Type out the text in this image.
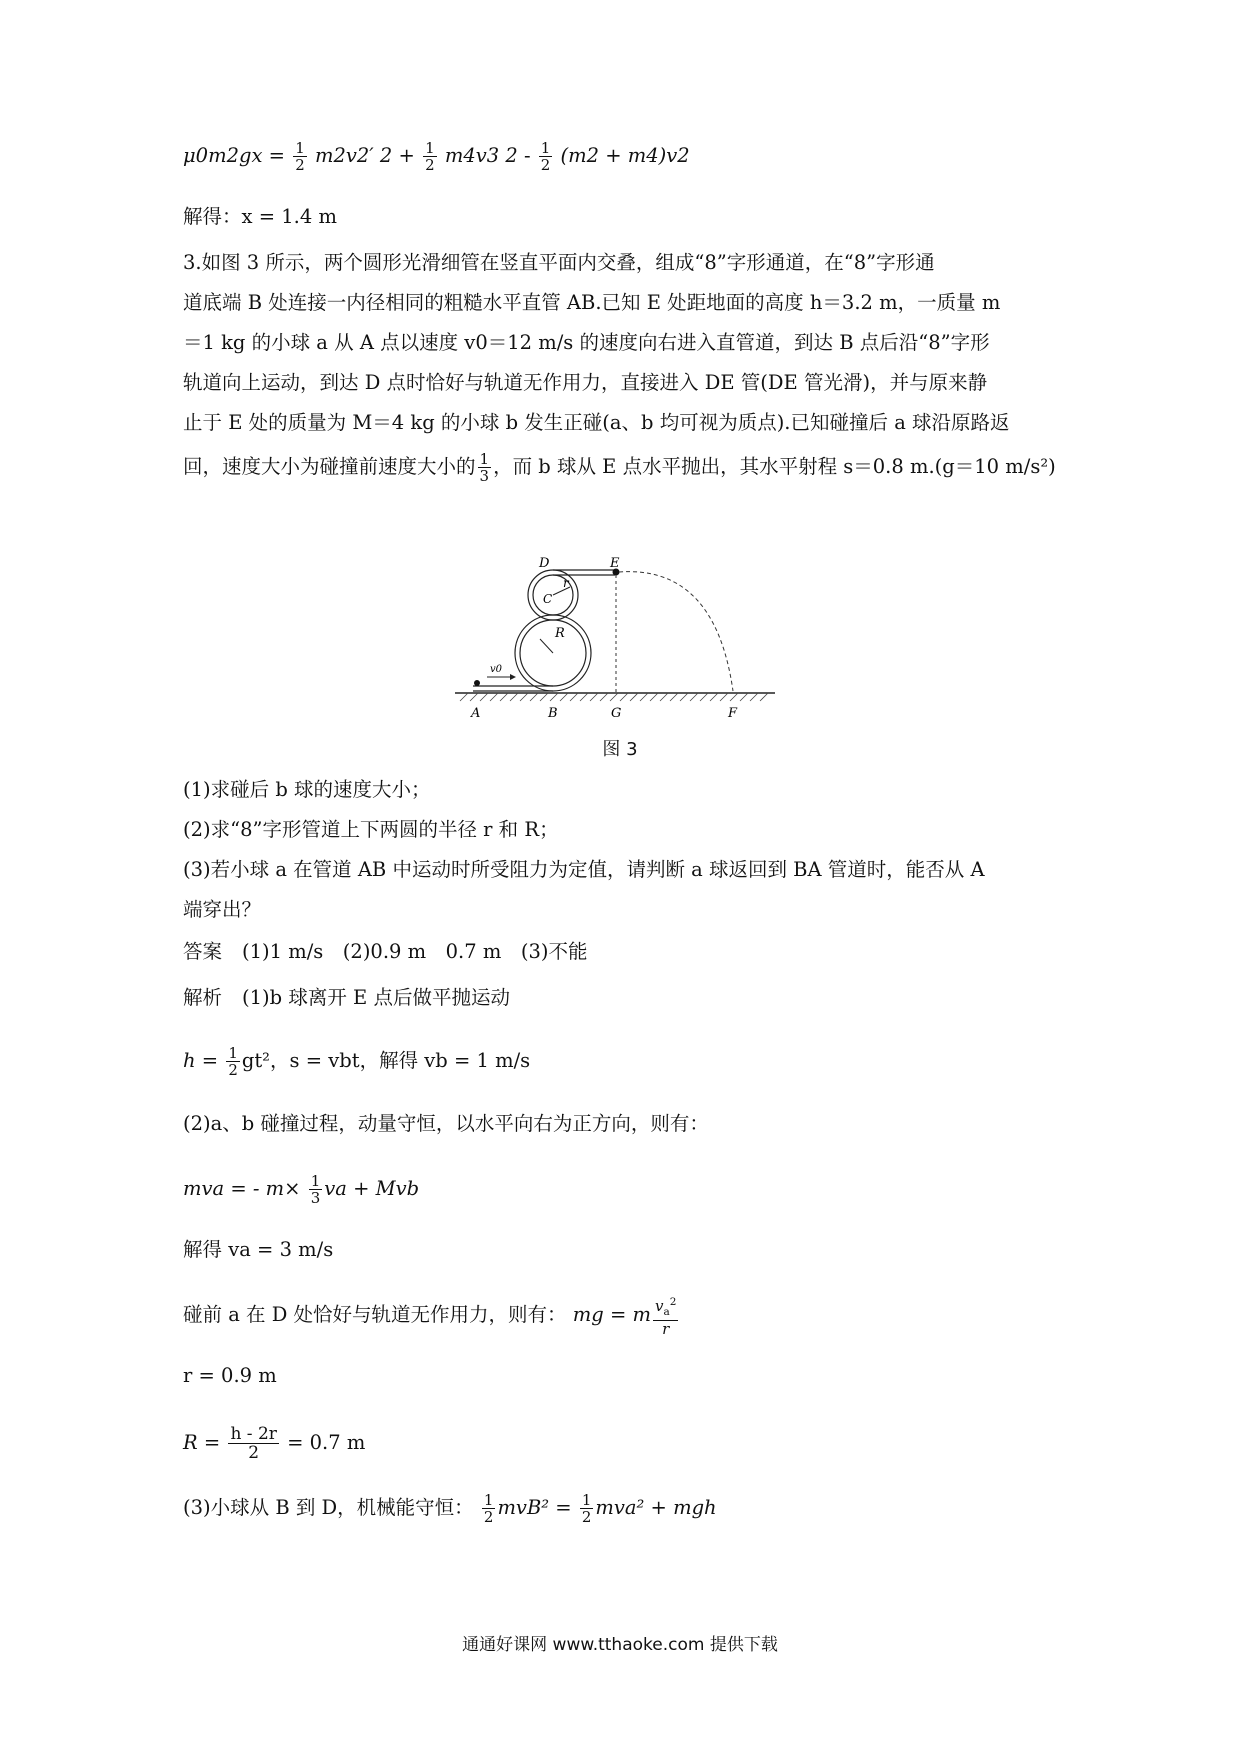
$\mu 0m2gx = \frac{1}{2} m2v2'$ $2 + \frac{1}{2} m4v3$ $2 - \frac{1}{2} (m2 + m4)v2$
解得：x = 1.4 m
3.如图 3 所示，两个圆形光滑细管在竖直平面内交叠，组成“8”字形通道，在“8”字形通
道底端 B 处连接一内径相同的粗糙水平直管 AB.已知 E 处距地面的高度 h＝3.2 m，一质量 m
＝1 kg 的小球 a 从 A 点以速度 v0＝12 m/s 的速度向右进入直管道，到达 B 点后沿“8”字形
轨道向上运动，到达 D 点时恰好与轨道无作用力，直接进入 DE 管(DE 管光滑)，并与原来静
止于 E 处的质量为 M＝4 kg 的小球 b 发生正碰(a、b 均可视为质点).已知碰撞后 a 球沿原路返
回，速度大小为碰撞前速度大小的 $\frac{1}{3}$ ，而 b 球从 E 点水平抛出，其水平射程 s＝0.8 m.(g＝10 m/s²)
D	E
r
C
R
v0
A	B	G	F
图 3
(1)求碰后 b 球的速度大小；
(2)求“8”字形管道上下两圆的半径 r 和 R；
(3)若小球 a 在管道 AB 中运动时所受阻力为定值，请判断 a 球返回到 BA 管道时，能否从 A
端穿出？
答案 (1)1 m/s　(2)0.9 m　0.7 m　(3)不能
解析 (1)b 球离开 E 点后做平抛运动
$h = \frac{1}{2} gt^2$，s = vbt，解得 vb = 1 m/s
(2)a、b 碰撞过程，动量守恒，以水平向右为正方向，则有：
mva = - $m\times \frac{1}{3}$ va + Mvb
解得 va = 3 m/s
碰前 a 在 D 处恰好与轨道无作用力，则有： mg = m $\frac{v_a^2}{r}$
r = 0.9 m
$R = \frac{h - 2r}{2} = 0.7$ m
(3)小球从 B 到 D，机械能守恒： $\frac{1}{2} mvB^2 = \frac{1}{2} mva^2$ + mgh
通通好课网 www.tthaoke.com 提供下载
